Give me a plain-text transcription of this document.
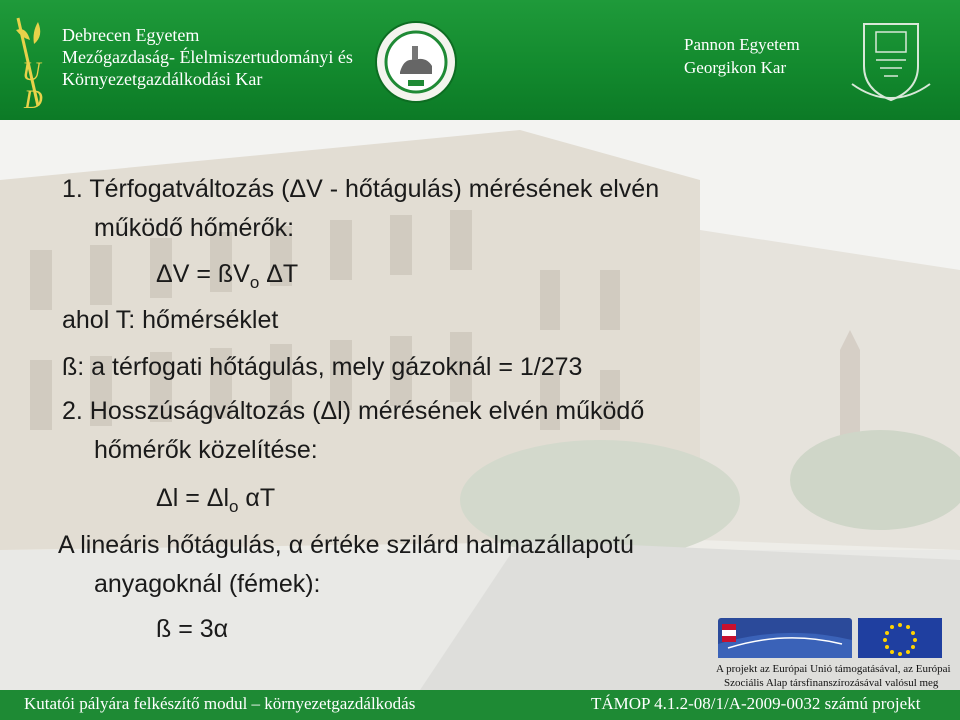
U
D
Debrecen Egyetem
Mezőgazdaság- Élelmiszertudományi és
Környezetgazdálkodási Kar
Pannon Egyetem
Georgikon Kar
1. Térfogatváltozás (ΔV - hőtágulás) mérésének elvén
működő hőmérők:
$\Delta V = ßV_o$ ΔT
ahol T: hőmérséklet
ß: a térfogati hőtágulás, mely gázoknál = 1/273
2. Hosszúságváltozás (Δl) mérésének elvén működő
hőmérők közelítése:
$\Delta l = \Delta l_o$ αT
A lineáris hőtágulás, α értéke szilárd halmazállapotú
anyagoknál (fémek):
ß = 3α
A projekt az Európai Unió támogatásával, az Európai
Szociális Alap társfinanszírozásával valósul meg
Kutatói pályára felkészítő modul – környezetgazdálkodás	TÁMOP 4.1.2-08/1/A-2009-0032 számú projekt
